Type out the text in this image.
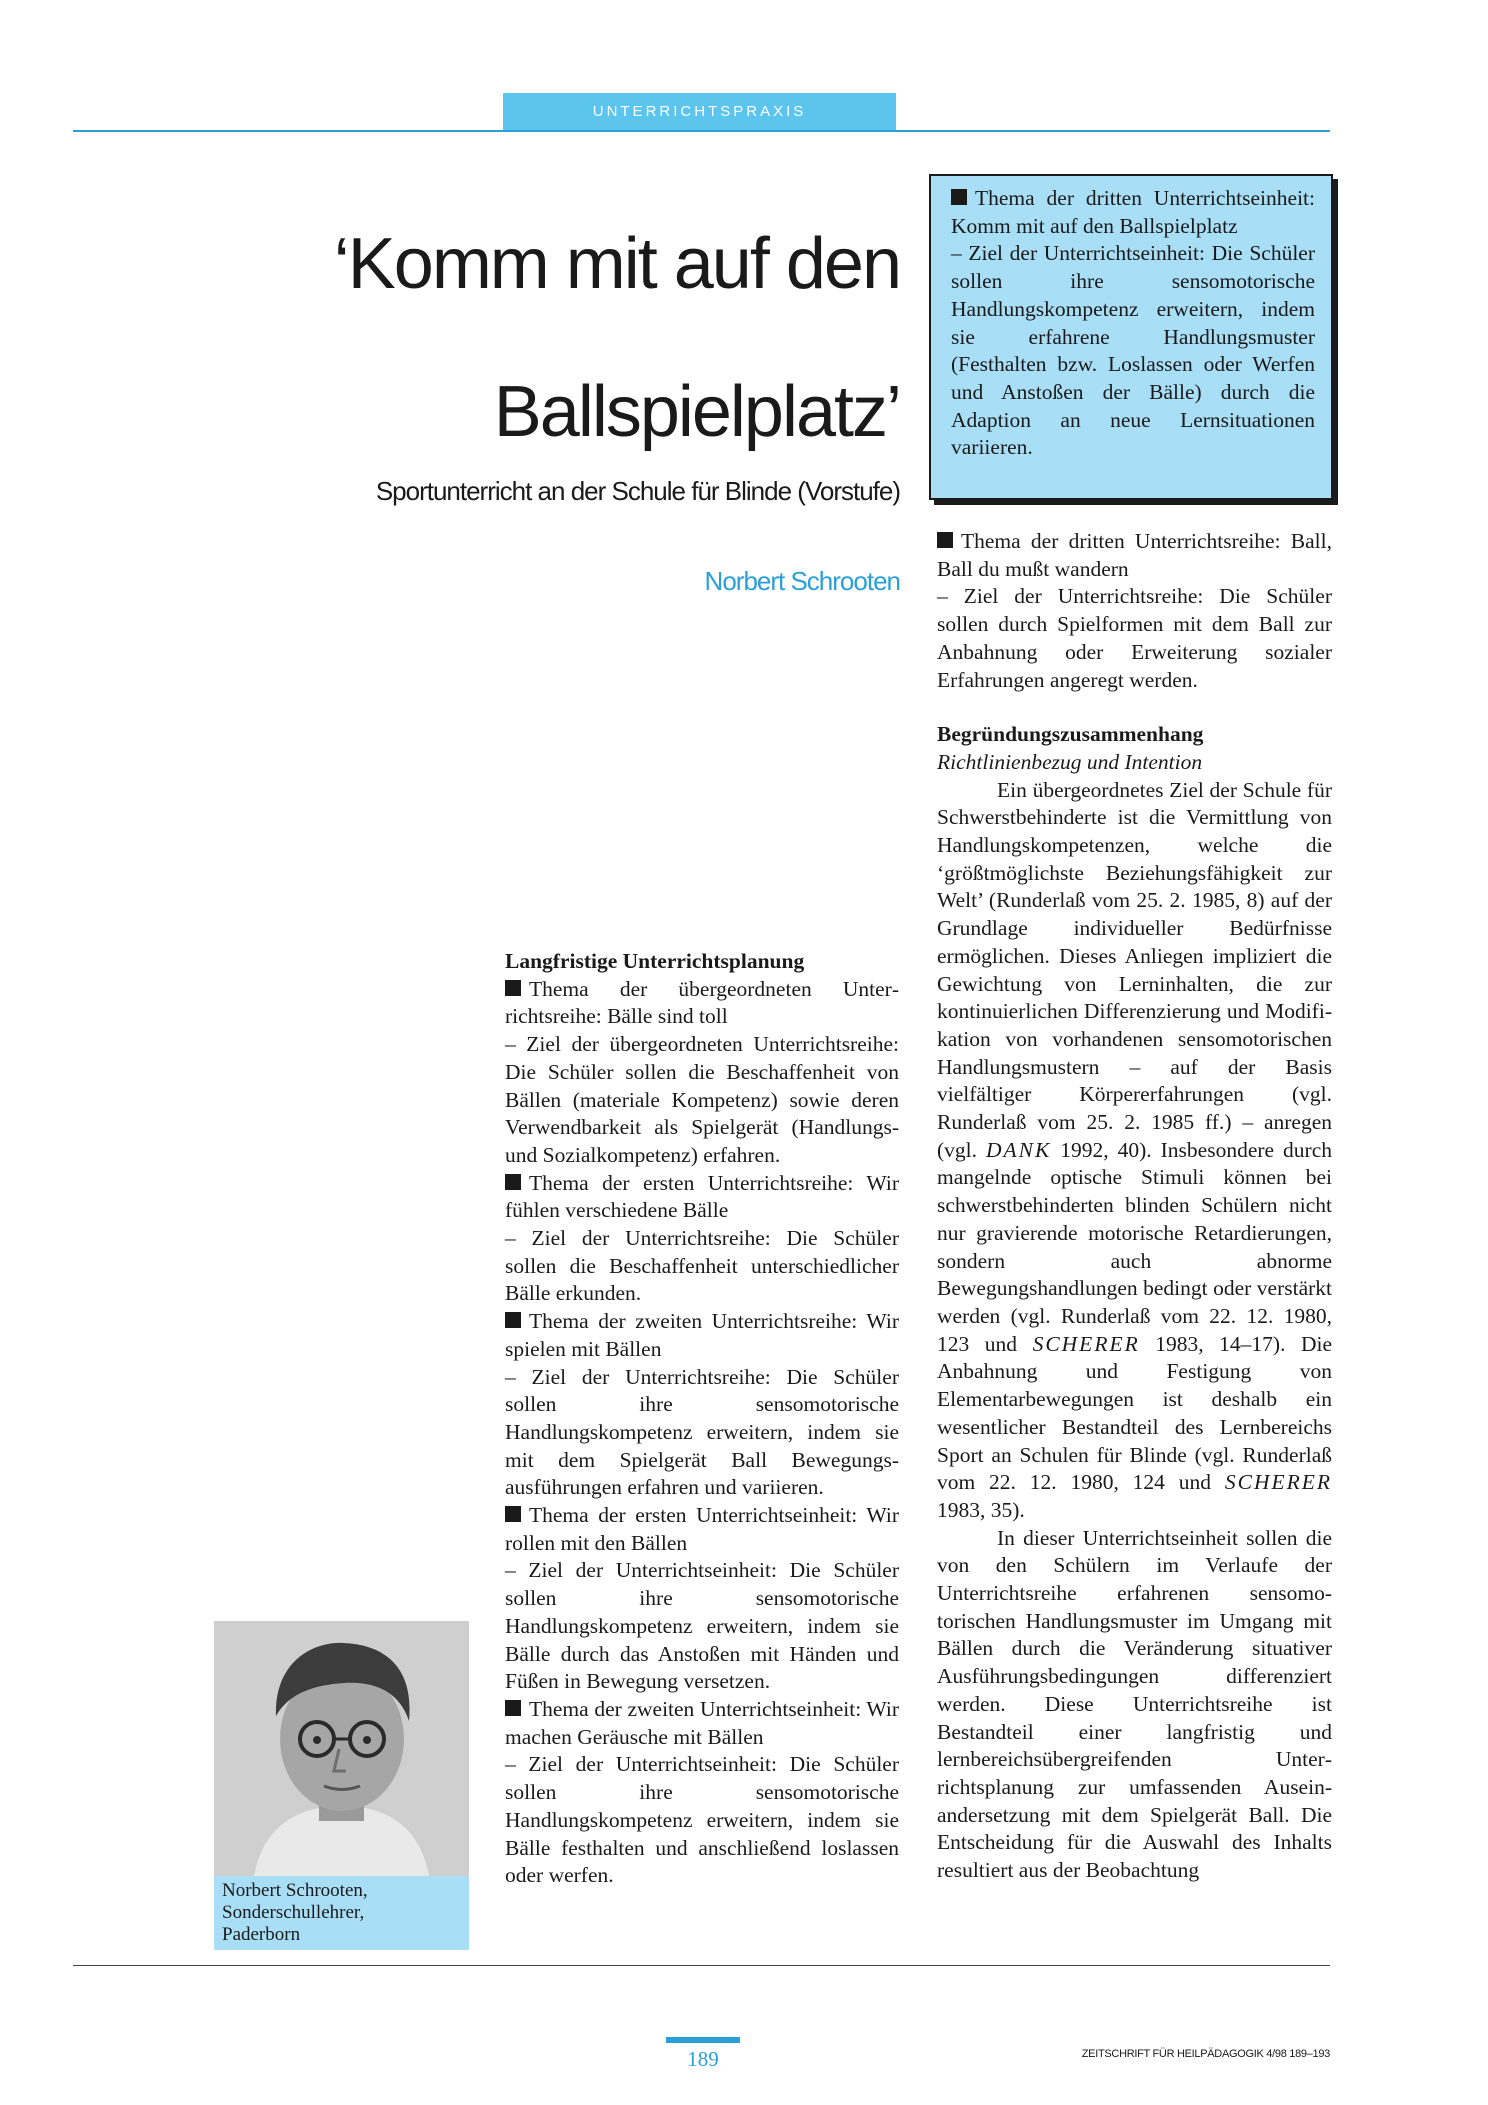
UNTERRICHTSPRAXIS
‘Komm mit auf den
Ballspielplatz’
Sportunterricht an der Schule für Blinde (Vorstufe)
Norbert Schrooten

Thema der dritten Unterrichtseinheit: Komm mit auf den Ballspielplatz

– Ziel der Unterrichtseinheit: Die Schüler sollen ihre sensomotorische Handlungskompetenz erweitern, indem sie erfahrene Handlungsmuster (Festhalten bzw. Loslassen oder Werfen und Anstoßen der Bälle) durch die Adaption an neue Lernsituationen variieren.

Langfristige Unterrichtsplanung

Thema der übergeordneten Unterrichtsreihe: Bälle sind toll

– Ziel der übergeordneten Unterrichtsreihe: Die Schüler sollen die Beschaffenheit von Bällen (materiale Kompetenz) sowie deren Verwendbarkeit als Spielgerät (Handlungs- und Sozialkompetenz) erfahren.

Thema der ersten Unterrichtsreihe: Wir fühlen verschiedene Bälle

– Ziel der Unterrichtsreihe: Die Schüler sollen die Beschaffenheit unterschiedlicher Bälle erkunden.

Thema der zweiten Unterrichtsreihe: Wir spielen mit Bällen

– Ziel der Unterrichtsreihe: Die Schüler sollen ihre sensomotorische Handlungskompetenz erweitern, indem sie mit dem Spielgerät Ball Bewegungsausführungen erfahren und variieren.

Thema der ersten Unterrichtseinheit: Wir rollen mit den Bällen

– Ziel der Unterrichtseinheit: Die Schüler sollen ihre sensomotorische Handlungskompetenz erweitern, indem sie Bälle durch das Anstoßen mit Händen und Füßen in Bewegung versetzen.

Thema der zweiten Unterrichtseinheit: Wir machen Geräusche mit Bällen

– Ziel der Unterrichtseinheit: Die Schüler sollen ihre sensomotorische Handlungskompetenz erweitern, indem sie Bälle festhalten und anschließend loslassen oder werfen.

Thema der dritten Unterrichtsreihe: Ball, Ball du mußt wandern

– Ziel der Unterrichtsreihe: Die Schüler sollen durch Spielformen mit dem Ball zur Anbahnung oder Erweiterung sozialer Erfahrungen angeregt werden.

Begründungszusammenhang

Richtlinienbezug und Intention

Ein übergeordnetes Ziel der Schule für Schwerstbehinderte ist die Vermittlung von Handlungskompetenzen, welche die ‘größtmöglichste Beziehungsfähigkeit zur Welt’ (Runderlaß vom 25. 2. 1985, 8) auf der Grundlage individueller Bedürfnisse ermöglichen. Dieses Anliegen impliziert die Gewichtung von Lerninhalten, die zur kontinuierlichen Differenzierung und Modifikation von vorhandenen sensomotorischen Handlungsmustern – auf der Basis vielfältiger Körpererfahrungen (vgl. Runderlaß vom 25. 2. 1985 ff.) – anregen (vgl. DANK 1992, 40). Insbesondere durch mangelnde optische Stimuli können bei schwerstbehinderten blinden Schülern nicht nur gravierende motorische Retardierungen, sondern auch abnorme Bewegungshandlungen bedingt oder verstärkt werden (vgl. Runderlaß vom 22. 12. 1980, 123 und SCHERER 1983, 14–17). Die Anbahnung und Festigung von Elementarbewegungen ist deshalb ein wesentlicher Bestandteil des Lernbereichs Sport an Schulen für Blinde (vgl. Runderlaß vom 22. 12. 1980, 124 und SCHERER 1983, 35).

In dieser Unterrichtseinheit sollen die von den Schülern im Verlaufe der Unterrichtsreihe erfahrenen sensomotorischen Handlungsmuster im Umgang mit Bällen durch die Veränderung situativer Ausführungsbedingungen differenziert werden. Diese Unterrichtsreihe ist Bestandteil einer langfristig und lernbereichsübergreifenden Unterrichtsplanung zur umfassenden Auseinandersetzung mit dem Spielgerät Ball. Die Entscheidung für die Auswahl des Inhalts resultiert aus der Beobachtung

Norbert Schrooten,
Sonderschullehrer,
Paderborn
189	ZEITSCHRIFT FÜR HEILPÄDAGOGIK 4/98 189–193
